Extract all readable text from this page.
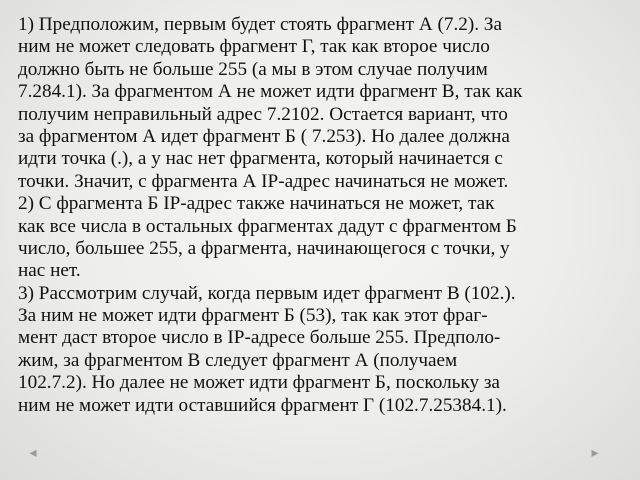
1) Предположим, первым будет стоять фрагмент А (7.2). За
ним не может следовать фрагмент Г, так как второе число
должно быть не больше 255 (а мы в этом случае получим
7.284.1). За фрагментом А не может идти фрагмент В, так как
получим неправильный адрес 7.2102. Остается вариант, что
за фрагментом А идет фрагмент Б ( 7.253). Но далее должна
идти точка (.), а у нас нет фрагмента, который начинается с
точки. Значит, с фрагмента А IP-адрес начинаться не может.
2) С фрагмента Б IP-адрес также начинаться не может, так
как все числа в остальных фрагментах дадут с фрагментом Б
число, большее 255, а фрагмента, начинающегося с точки, у
нас нет.
3) Рассмотрим случай, когда первым идет фрагмент В (102.).
За ним не может идти фрагмент Б (53), так как этот фраг-
мент даст второе число в IP-адресе больше 255. Предполо-
жим, за фрагментом В следует фрагмент А (получаем
102.7.2). Но далее не может идти фрагмент Б, поскольку за
ним не может идти оставшийся фрагмент Г (102.7.25384.1).
◂	▸
